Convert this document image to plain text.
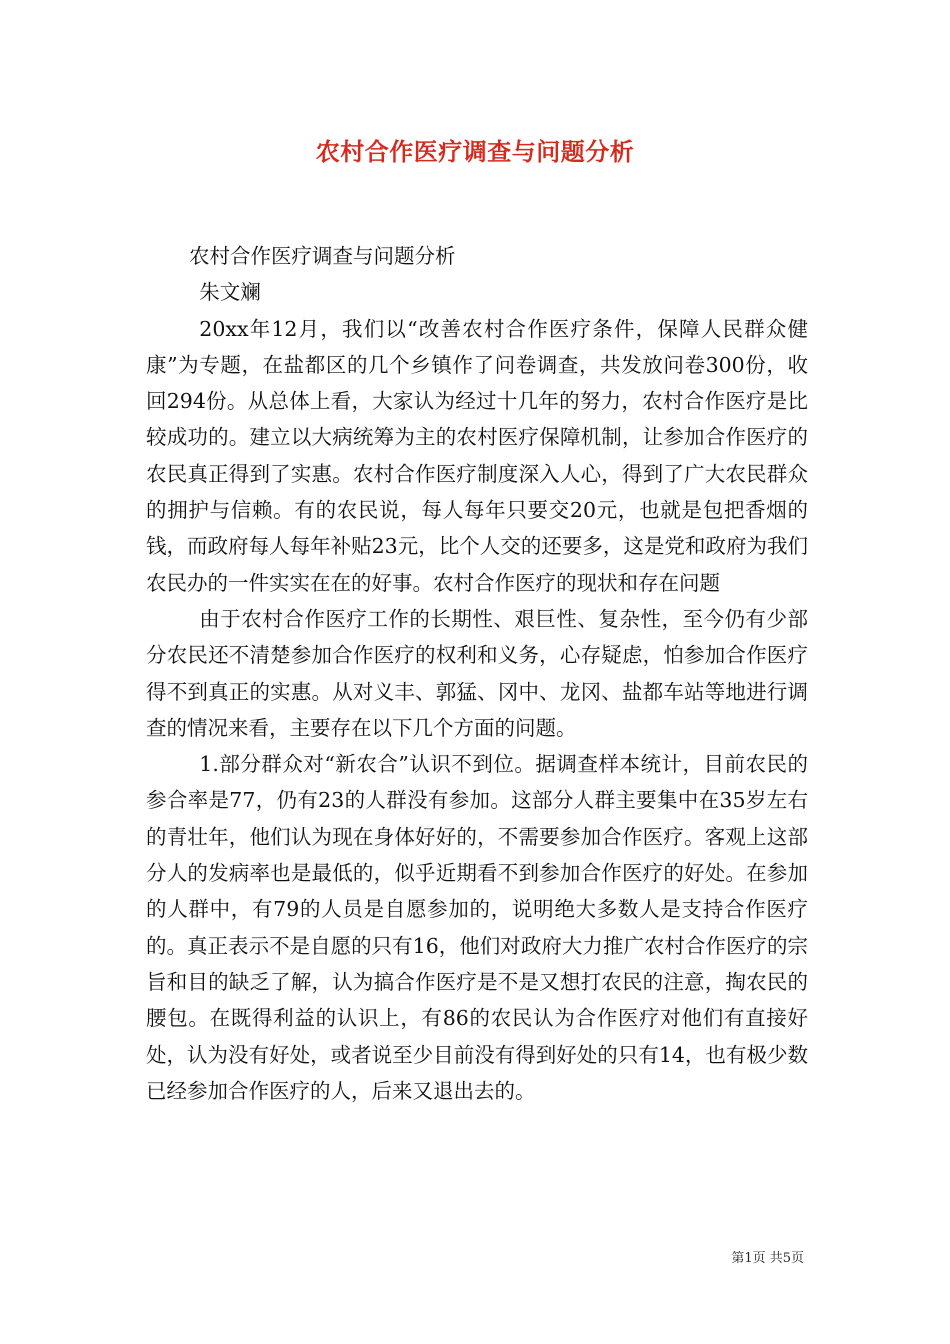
农村合作医疗调查与问题分析

农村合作医疗调查与问题分析

朱文斓

20xx年12月，我们以“改善农村合作医疗条件，保障人民群众健康”为专题，在盐都区的几个乡镇作了问卷调查，共发放问卷300份，收回294份。从总体上看，大家认为经过十几年的努力，农村合作医疗是比较成功的。建立以大病统筹为主的农村医疗保障机制，让参加合作医疗的农民真正得到了实惠。农村合作医疗制度深入人心，得到了广大农民群众的拥护与信赖。有的农民说，每人每年只要交20元，也就是包把香烟的钱，而政府每人每年补贴23元，比个人交的还要多，这是党和政府为我们农民办的一件实实在在的好事。农村合作医疗的现状和存在问题

由于农村合作医疗工作的长期性、艰巨性、复杂性，至今仍有少部分农民还不清楚参加合作医疗的权利和义务，心存疑虑，怕参加合作医疗得不到真正的实惠。从对义丰、郭猛、冈中、龙冈、盐都车站等地进行调查的情况来看，主要存在以下几个方面的问题。

1.部分群众对“新农合”认识不到位。据调查样本统计，目前农民的参合率是77，仍有23的人群没有参加。这部分人群主要集中在35岁左右的青壮年，他们认为现在身体好好的，不需要参加合作医疗。客观上这部分人的发病率也是最低的，似乎近期看不到参加合作医疗的好处。在参加的人群中，有79的人员是自愿参加的，说明绝大多数人是支持合作医疗的。真正表示不是自愿的只有16，他们对政府大力推广农村合作医疗的宗旨和目的缺乏了解，认为搞合作医疗是不是又想打农民的注意，掏农民的腰包。在既得利益的认识上，有86的农民认为合作医疗对他们有直接好处，认为没有好处，或者说至少目前没有得到好处的只有14，也有极少数已经参加合作医疗的人，后来又退出去的。

第1页 共5页
